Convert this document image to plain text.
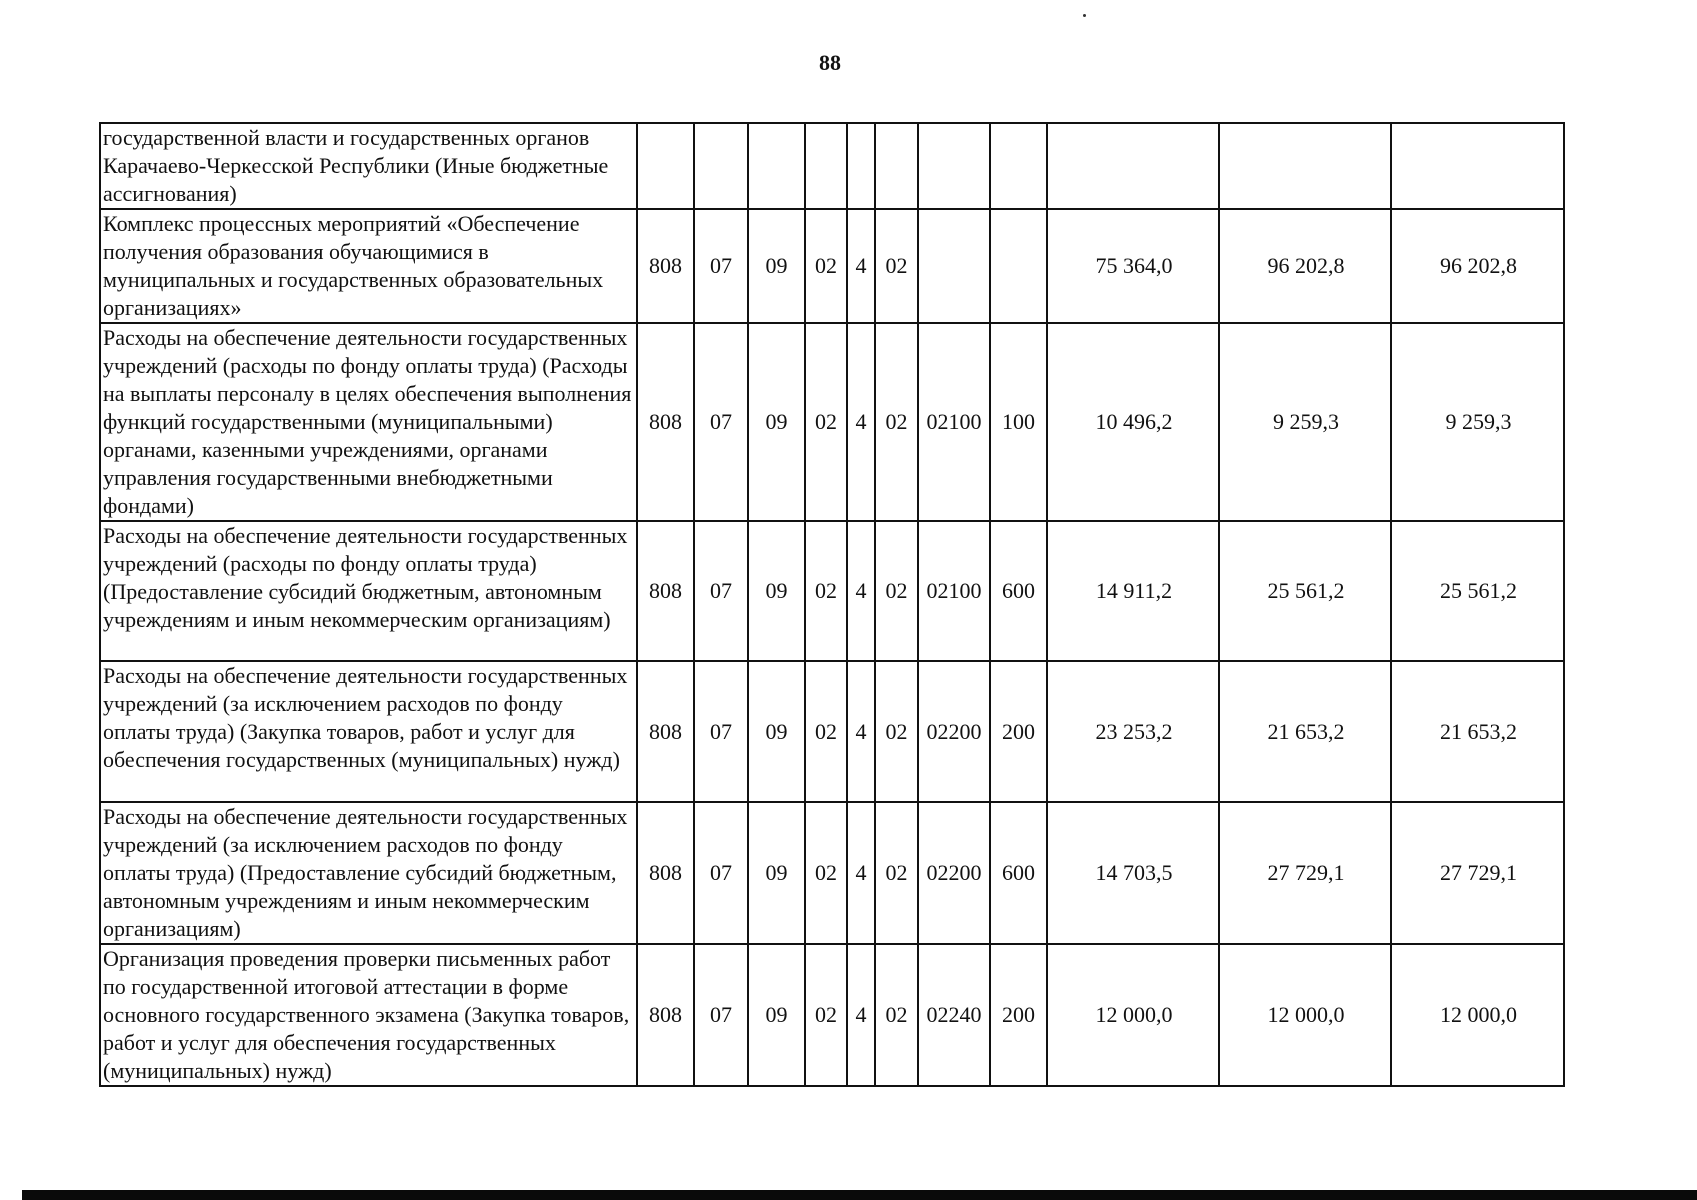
88
государственной власти и государственных органов Карачаево-Черкесской Республики (Иные бюджетные ассигнования)											
Комплекс процессных мероприятий «Обеспечение получения образования обучающимися в муниципальных и государственных образовательных организациях»	808	07	09	02	4	02			75 364,0	96 202,8	96 202,8
Расходы на обеспечение деятельности государственных учреждений (расходы по фонду оплаты труда) (Расходы на выплаты персоналу в целях обеспечения выполнения функций государственными (муниципальными) органами, казенными учреждениями, органами управления государственными внебюджетными фондами)	808	07	09	02	4	02	02100	100	10 496,2	9 259,3	9 259,3
Расходы на обеспечение деятельности государственных учреждений (расходы по фонду оплаты труда) (Предоставление субсидий бюджетным, автономным учреждениям и иным некоммерческим организациям)	808	07	09	02	4	02	02100	600	14 911,2	25 561,2	25 561,2
Расходы на обеспечение деятельности государственных учреждений (за исключением расходов по фонду оплаты труда) (Закупка товаров, работ и услуг для обеспечения государственных (муниципальных) нужд)	808	07	09	02	4	02	02200	200	23 253,2	21 653,2	21 653,2
Расходы на обеспечение деятельности государственных учреждений (за исключением расходов по фонду оплаты труда) (Предоставление субсидий бюджетным, автономным учреждениям и иным некоммерческим организациям)	808	07	09	02	4	02	02200	600	14 703,5	27 729,1	27 729,1
Организация проведения проверки письменных работ по государственной итоговой аттестации в форме основного государственного экзамена (Закупка товаров, работ и услуг для обеспечения государственных (муниципальных) нужд)	808	07	09	02	4	02	02240	200	12 000,0	12 000,0	12 000,0
